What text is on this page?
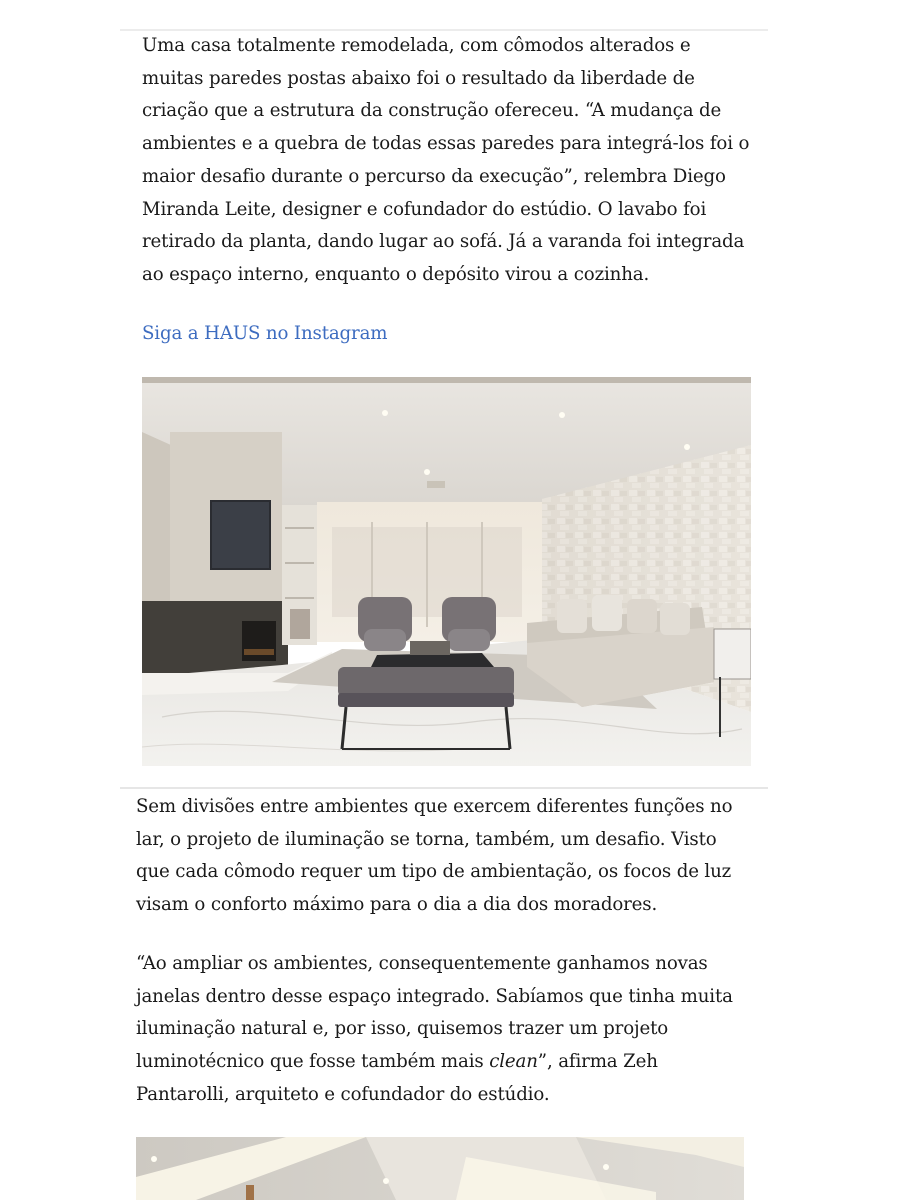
Uma casa totalmente remodelada, com cômodos alterados e muitas paredes postas abaixo foi o resultado da liberdade de criação que a estrutura da construção ofereceu. “A mudança de ambientes e a quebra de todas essas paredes para integrá-los foi o maior desafio durante o percurso da execução”, relembra Diego Miranda Leite, designer e cofundador do estúdio. O lavabo foi retirado da planta, dando lugar ao sofá. Já a varanda foi integrada ao espaço interno, enquanto o depósito virou a cozinha.

Siga a HAUS no Instagram

Sem divisões entre ambientes que exercem diferentes funções no lar, o projeto de iluminação se torna, também, um desafio. Visto que cada cômodo requer um tipo de ambientação, os focos de luz visam o conforto máximo para o dia a dia dos moradores.

“Ao ampliar os ambientes, consequentemente ganhamos novas janelas dentro desse espaço integrado. Sabíamos que tinha muita iluminação natural e, por isso, quisemos trazer um projeto luminotécnico que fosse também mais clean”, afirma Zeh Pantarolli, arquiteto e cofundador do estúdio.
